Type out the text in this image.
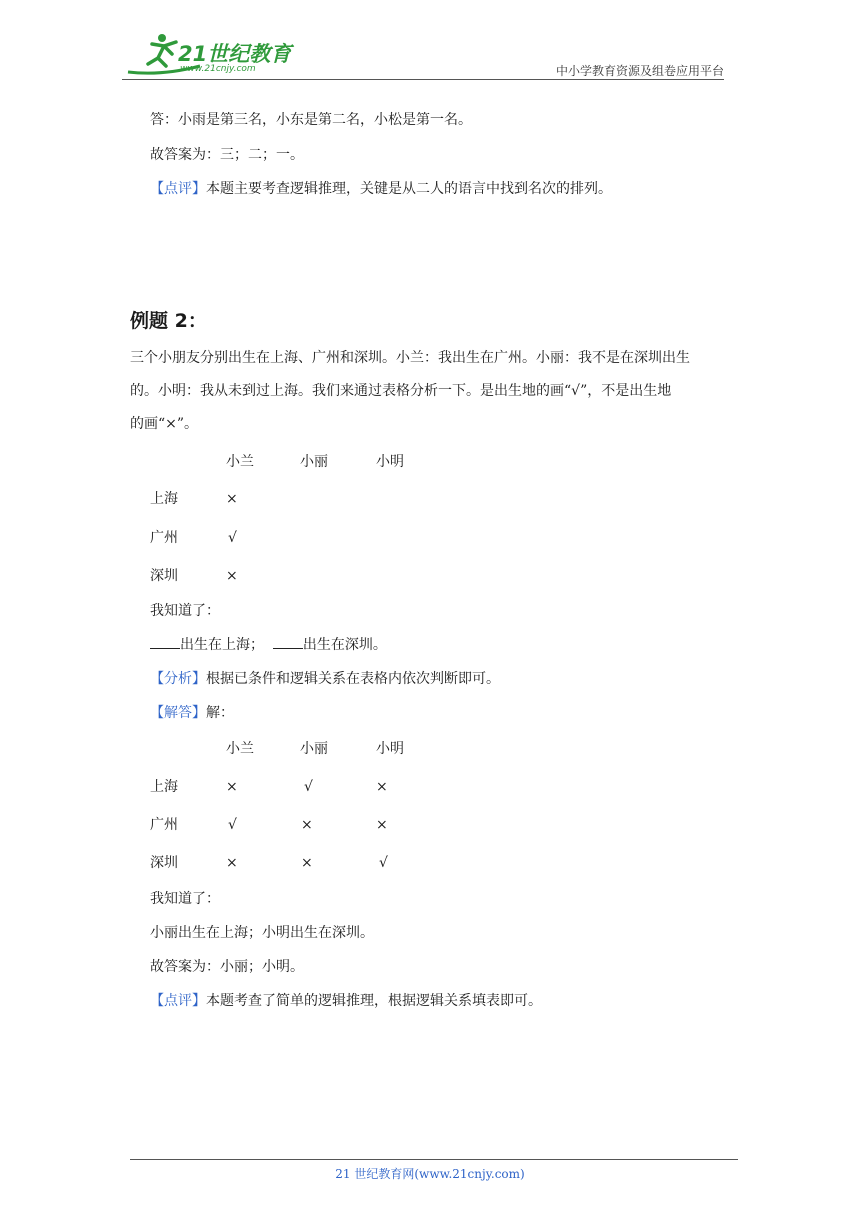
21世纪教育
www.21cnjy.com	中小学教育资源及组卷应用平台
答：小雨是第三名，小东是第二名，小松是第一名。
故答案为：三；二；一。
【点评】本题主要考查逻辑推理，关键是从二人的语言中找到名次的排列。
例题 2：
三个小朋友分别出生在上海、广州和深圳。小兰：我出生在广州。小丽：我不是在深圳出生
的。小明：我从未到过上海。我们来通过表格分析一下。是出生地的画“√”，不是出生地
的画“×”。
小兰	小丽	小明
上海	×
广州	√
深圳	×
我知道了：
出生在上海；	出生在深圳。
【分析】根据已条件和逻辑关系在表格内依次判断即可。
【解答】解：
小兰	小丽	小明
上海	×	√	×
广州	√	×	×
深圳	×	×	√
我知道了：
小丽出生在上海；小明出生在深圳。
故答案为：小丽；小明。
【点评】本题考查了简单的逻辑推理，根据逻辑关系填表即可。
21 世纪教育网(www.21cnjy.com)
